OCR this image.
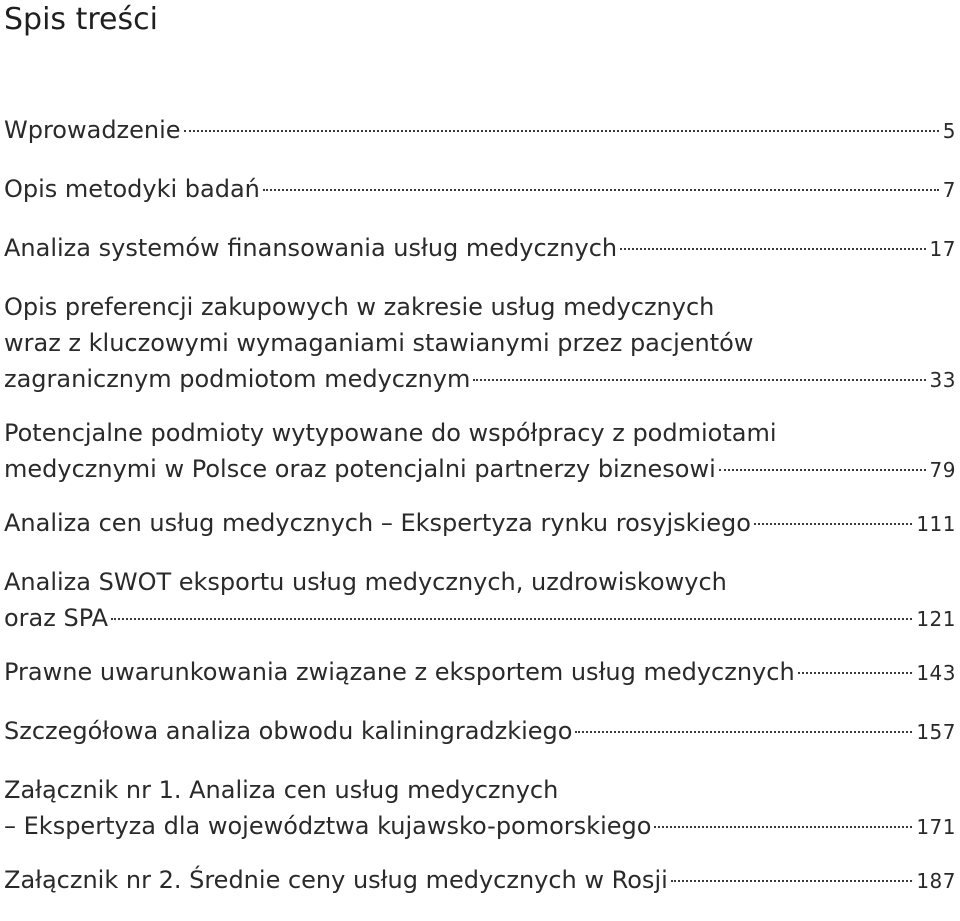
Spis treści
Wprowadzenie	5
Opis metodyki badań	7
Analiza systemów finansowania usług medycznych	17
Opis preferencji zakupowych w zakresie usług medycznych
wraz z kluczowymi wymaganiami stawianymi przez pacjentów
zagranicznym podmiotom medycznym	33
Potencjalne podmioty wytypowane do współpracy z podmiotami
medycznymi w Polsce oraz potencjalni partnerzy biznesowi	79
Analiza cen usług medycznych – Ekspertyza rynku rosyjskiego	111
Analiza SWOT eksportu usług medycznych, uzdrowiskowych
oraz SPA	121
Prawne uwarunkowania związane z eksportem usług medycznych	143
Szczegółowa analiza obwodu kaliningradzkiego	157
Załącznik nr 1. Analiza cen usług medycznych
– Ekspertyza dla województwa kujawsko-pomorskiego	171
Załącznik nr 2. Średnie ceny usług medycznych w Rosji	187
